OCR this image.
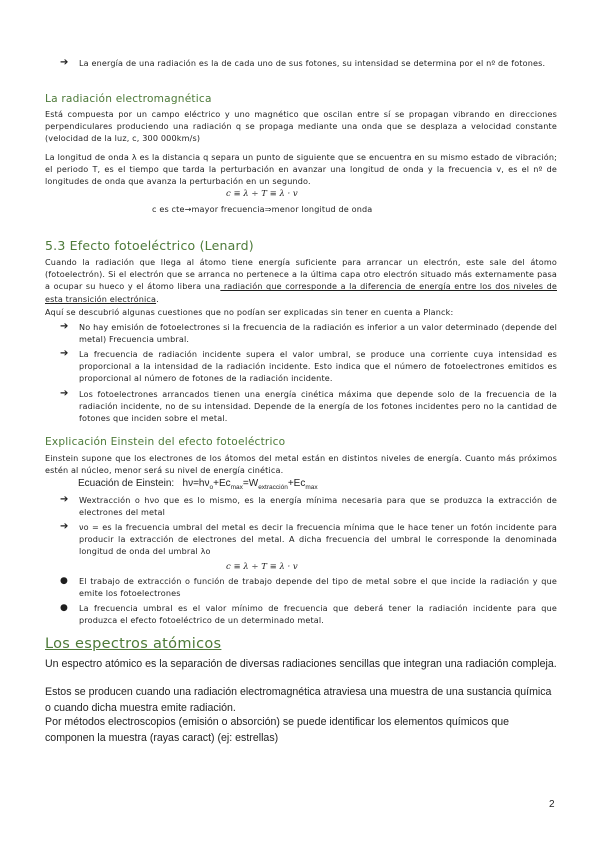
➔	La energía de una radiación es la de cada uno de sus fotones, su intensidad se determina por el nº de fotones.
La radiación electromagnética
Está compuesta por un campo eléctrico y uno magnético que oscilan entre sí se propagan vibrando en direcciones perpendiculares produciendo una radiación q se propaga mediante una onda que se desplaza a velocidad constante (velocidad de la luz, c, 300 000km/s)
La longitud de onda λ es la distancia q separa un punto de siguiente que se encuentra en su mismo estado de vibración; el periodo T, es el tiempo que tarda la perturbación en avanzar una longitud de onda y la frecuencia v, es el nº de longitudes de onda que avanza la perturbación en un segundo.
c ≡ λ ÷ T ≡ λ · v
c es cte→mayor frecuencia⇒menor longitud de onda
5.3 Efecto fotoeléctrico (Lenard)
Cuando la radiación que llega al átomo tiene energía suficiente para arrancar un electrón, este sale del átomo (fotoelectrón). Si el electrón que se arranca no pertenece a la última capa otro electrón situado más externamente pasa a ocupar su hueco y el átomo libera una radiación que corresponde a la diferencia de energía entre los dos niveles de esta transición electrónica.
Aquí se descubrió algunas cuestiones que no podían ser explicadas sin tener en cuenta a Planck:
➔	No hay emisión de fotoelectrones si la frecuencia de la radiación es inferior a un valor determinado (depende del metal) Frecuencia umbral.
➔	La frecuencia de radiación incidente supera el valor umbral, se produce una corriente cuya intensidad es proporcional a la intensidad de la radiación incidente. Esto indica que el número de fotoelectrones emitidos es proporcional al número de fotones de la radiación incidente.
➔	Los fotoelectrones arrancados tienen una energía cinética máxima que depende solo de la frecuencia de la radiación incidente, no de su intensidad. Depende de la energía de los fotones incidentes pero no la cantidad de fotones que inciden sobre el metal.
Explicación Einstein del efecto fotoeléctrico
Einstein supone que los electrones de los átomos del metal están en distintos niveles de energía. Cuanto más próximos estén al núcleo, menor será su nivel de energía cinética.
Ecuación de Einstein: $h\nu=h\nu_o+Ec_{max}=W_{extracción}+Ec_{max}$
➔	Wextracción o hνo que es lo mismo, es la energía mínima necesaria para que se produzca la extracción de electrones del metal
➔	νo = es la frecuencia umbral del metal es decir la frecuencia mínima que le hace tener un fotón incidente para producir la extracción de electrones del metal. A dicha frecuencia del umbral le corresponde la denominada longitud de onda del umbral λo
c ≡ λ ÷ T ≡ λ · v
●	El trabajo de extracción o función de trabajo depende del tipo de metal sobre el que incide la radiación y que emite los fotoelectrones
●	La frecuencia umbral es el valor mínimo de frecuencia que deberá tener la radiación incidente para que produzca el efecto fotoeléctrico de un determinado metal.
Los espectros atómicos
Un espectro atómico es la separación de diversas radiaciones sencillas que integran una radiación compleja.
Estos se producen cuando una radiación electromagnética atraviesa una muestra de una sustancia química o cuando dicha muestra emite radiación.
Por métodos electroscopios (emisión o absorción) se puede identificar los elementos químicos que componen la muestra (rayas caract) (ej: estrellas)
2
